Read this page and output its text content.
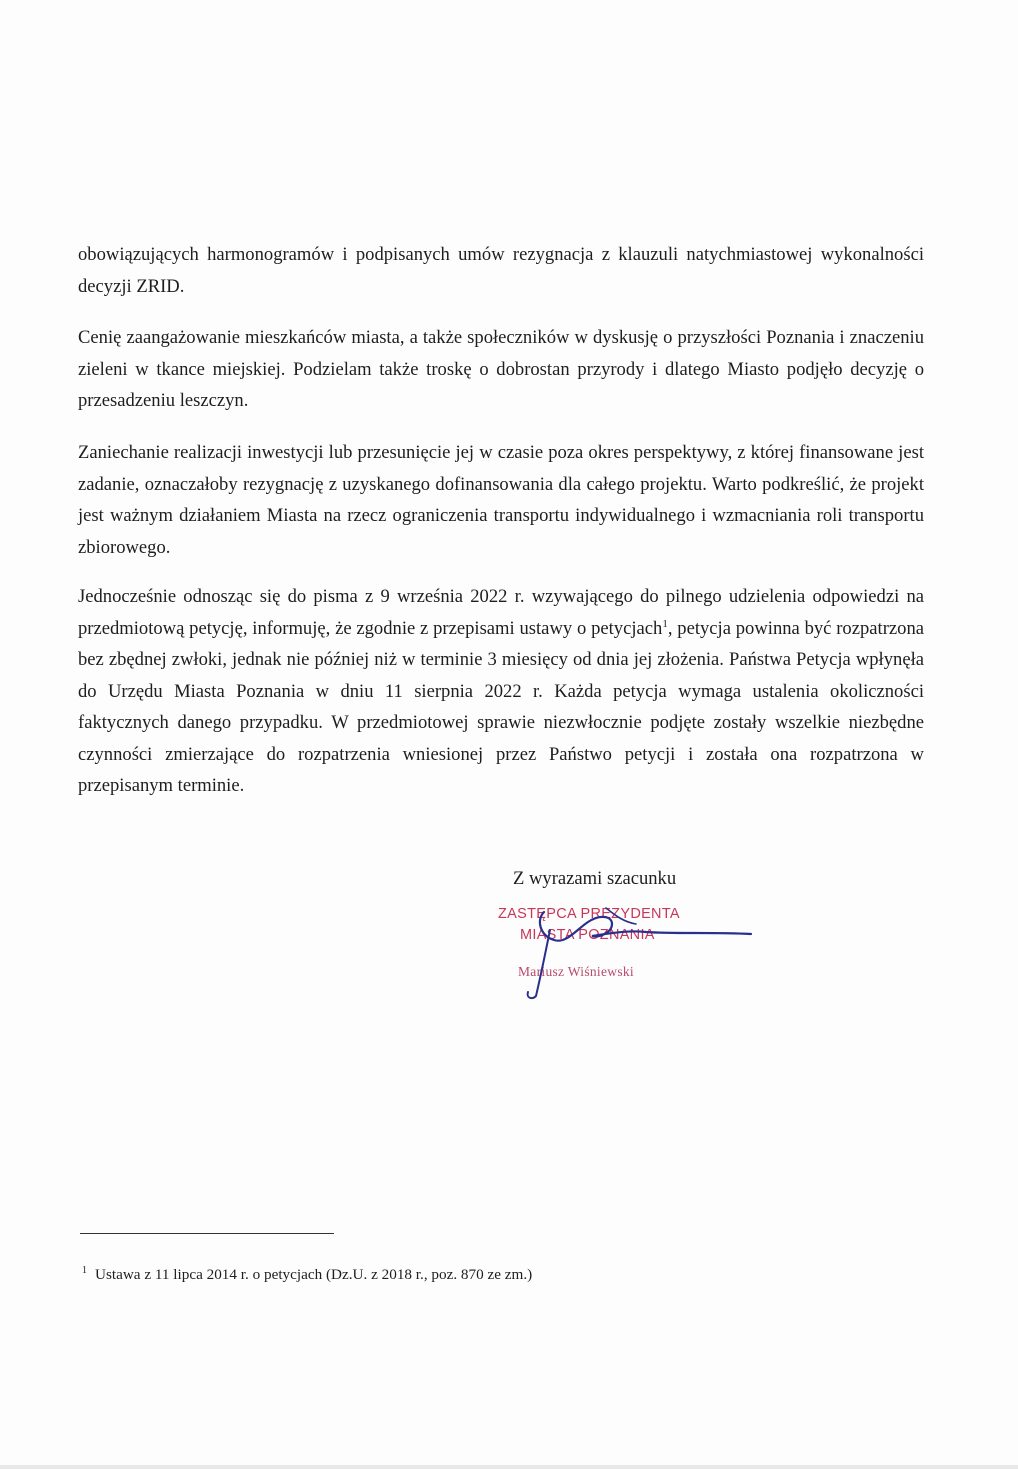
obowiązujących harmonogramów i podpisanych umów rezygnacja z klauzuli natychmiastowej wykonalności decyzji ZRID.

Cenię zaangażowanie mieszkańców miasta, a także społeczników w dyskusję o przyszłości Poznania i znaczeniu zieleni w tkance miejskiej. Podzielam także troskę o dobrostan przyrody i dlatego Miasto podjęło decyzję o przesadzeniu leszczyn.

Zaniechanie realizacji inwestycji lub przesunięcie jej w czasie poza okres perspektywy, z której finansowane jest zadanie, oznaczałoby rezygnację z uzyskanego dofinansowania dla całego projektu. Warto podkreślić, że projekt jest ważnym działaniem Miasta na rzecz ograniczenia transportu indywidualnego i wzmacniania roli transportu zbiorowego.

Jednocześnie odnosząc się do pisma z 9 września 2022 r. wzywającego do pilnego udzielenia odpowiedzi na przedmiotową petycję, informuję, że zgodnie z przepisami ustawy o petycjach$^1$, petycja powinna być rozpatrzona bez zbędnej zwłoki, jednak nie później niż w terminie 3 miesięcy od dnia jej złożenia. Państwa Petycja wpłynęła do Urzędu Miasta Poznania w dniu 11 sierpnia 2022 r. Każda petycja wymaga ustalenia okoliczności faktycznych danego przypadku. W przedmiotowej sprawie niezwłocznie podjęte zostały wszelkie niezbędne czynności zmierzające do rozpatrzenia wniesionej przez Państwo petycji i została ona rozpatrzona w przepisanym terminie.

Z wyrazami szacunku
ZASTĘPCA PREZYDENTA
MIASTA POZNANIA
Mariusz Wiśniewski
$^1$ Ustawa z 11 lipca 2014 r. o petycjach (Dz.U. z 2018 r., poz. 870 ze zm.)
